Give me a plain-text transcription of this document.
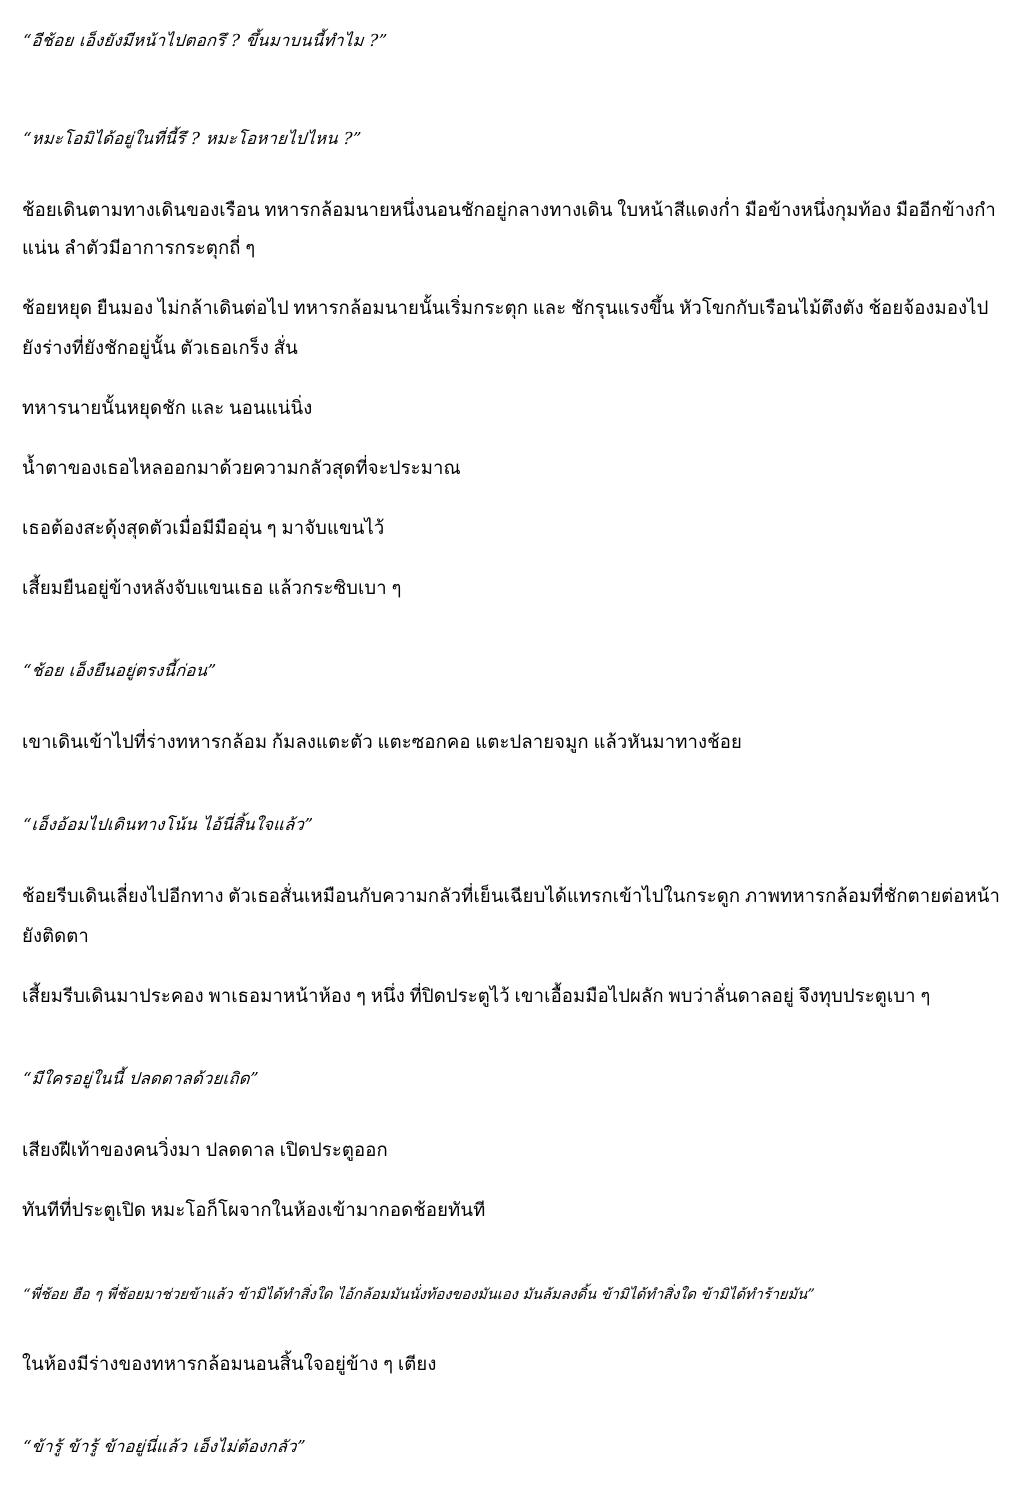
“อีช้อย เอ็งยังมีหน้าไปตอกรึ ? ขึ้นมาบนนี้ทำไม ?”

“หมะโอมิได้อยู่ในที่นี้รึ ? หมะโอหายไปไหน ?”

ช้อยเดินตามทางเดินของเรือน ทหารกล้อมนายหนึ่งนอนชักอยู่กลางทางเดิน ใบหน้าสีแดงก่ำ มือข้างหนึ่งกุมท้อง มืออีกข้างกำ

แน่น ลำตัวมีอาการกระตุกถี่ ๆ

ช้อยหยุด ยืนมอง ไม่กล้าเดินต่อไป ทหารกล้อมนายนั้นเริ่มกระตุก และ ชักรุนแรงขึ้น หัวโขกกับเรือนไม้ตึงตัง ช้อยจ้องมองไป

ยังร่างที่ยังชักอยู่นั้น ตัวเธอเกร็ง สั่น

ทหารนายนั้นหยุดชัก และ นอนแน่นิ่ง

น้ำตาของเธอไหลออกมาด้วยความกลัวสุดที่จะประมาณ

เธอต้องสะดุ้งสุดตัวเมื่อมีมืออุ่น ๆ มาจับแขนไว้

เสี้ยมยืนอยู่ข้างหลังจับแขนเธอ แล้วกระซิบเบา ๆ

“ช้อย เอ็งยืนอยู่ตรงนี้ก่อน”

เขาเดินเข้าไปที่ร่างทหารกล้อม ก้มลงแตะตัว แตะซอกคอ แตะปลายจมูก แล้วหันมาทางช้อย

“เอ็งอ้อมไปเดินทางโน้น ไอ้นี่สิ้นใจแล้ว”

ช้อยรีบเดินเลี่ยงไปอีกทาง ตัวเธอสั่นเหมือนกับความกลัวที่เย็นเฉียบได้แทรกเข้าไปในกระดูก ภาพทหารกล้อมที่ชักตายต่อหน้า

ยังติดตา

เสี้ยมรีบเดินมาประคอง พาเธอมาหน้าห้อง ๆ หนึ่ง ที่ปิดประตูไว้ เขาเอื้อมมือไปผลัก พบว่าลั่นดาลอยู่ จึงทุบประตูเบา ๆ

“มีใครอยู่ในนี้ ปลดดาลด้วยเถิด”

เสียงฝีเท้าของคนวิ่งมา ปลดดาล เปิดประตูออก

ทันทีที่ประตูเปิด หมะโอก็โผจากในห้องเข้ามากอดช้อยทันที

“พี่ช้อย ฮือ ๆ พี่ช้อยมาช่วยข้าแล้ว ข้ามิได้ทำสิ่งใด ไอ้กล้อมมันนั่งท้องของมันเอง มันล้มลงดิ้น ข้ามิได้ทำสิ่งใด ข้ามิได้ทำร้ายมัน”

ในห้องมีร่างของทหารกล้อมนอนสิ้นใจอยู่ข้าง ๆ เตียง

“ข้ารู้ ข้ารู้ ข้าอยู่นี่แล้ว เอ็งไม่ต้องกลัว”
